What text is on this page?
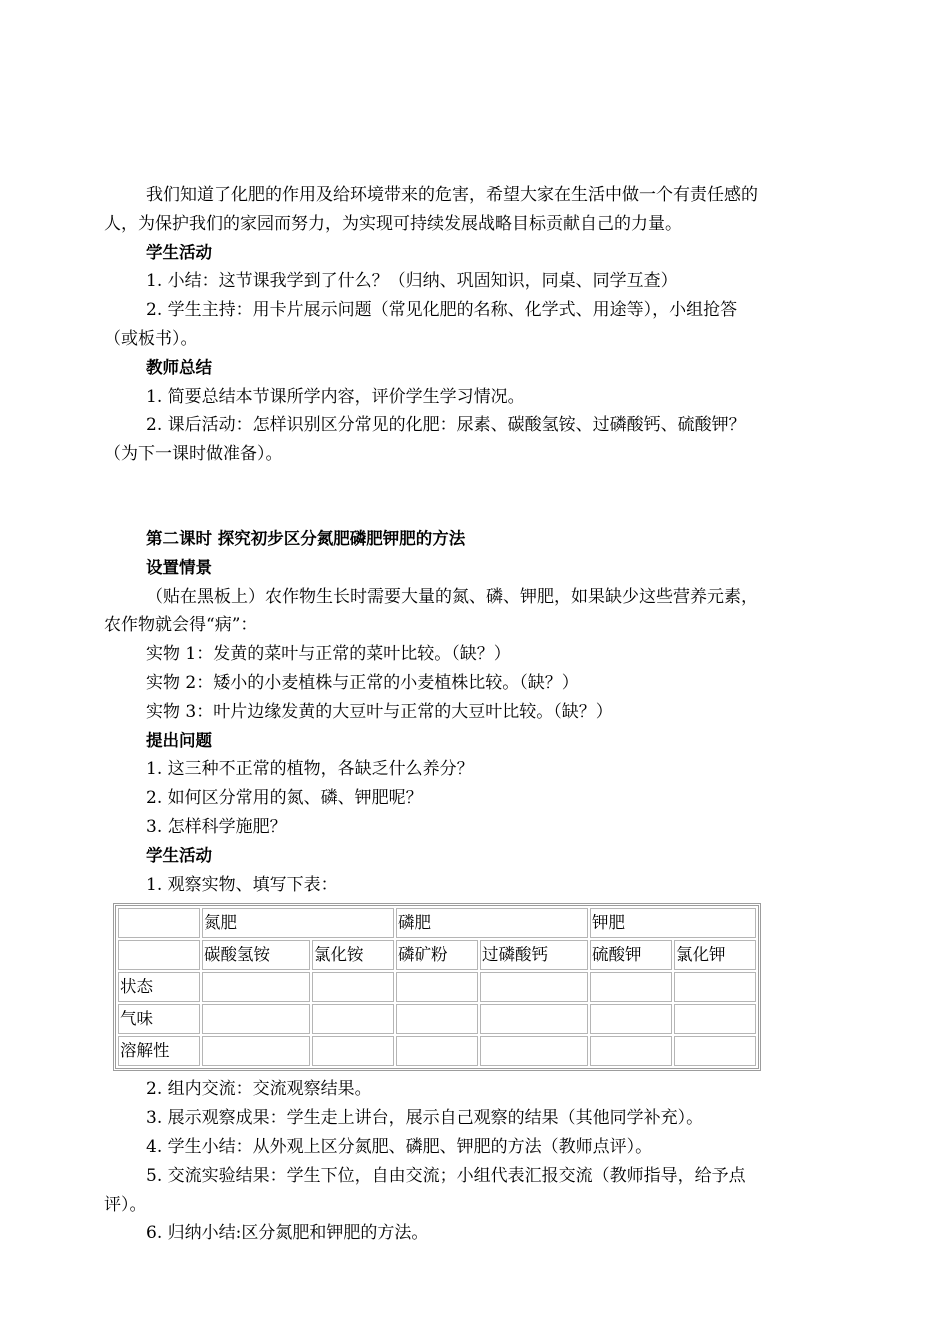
我们知道了化肥的作用及给环境带来的危害，希望大家在生活中做一个有责任感的人，为保护我们的家园而努力，为实现可持续发展战略目标贡献自己的力量。

学生活动

1. 小结：这节课我学到了什么？（归纳、巩固知识，同桌、同学互查）

2. 学生主持：用卡片展示问题（常见化肥的名称、化学式、用途等），小组抢答（或板书）。

教师总结

1. 简要总结本节课所学内容，评价学生学习情况。

2. 课后活动：怎样识别区分常见的化肥：尿素、碳酸氢铵、过磷酸钙、硫酸钾？（为下一课时做准备）。

第二课时 探究初步区分氮肥磷肥钾肥的方法

设置情景

（贴在黑板上）农作物生长时需要大量的氮、磷、钾肥，如果缺少这些营养元素，农作物就会得“病”：

实物 1：发黄的菜叶与正常的菜叶比较。（缺？）

实物 2：矮小的小麦植株与正常的小麦植株比较。（缺？）

实物 3：叶片边缘发黄的大豆叶与正常的大豆叶比较。（缺？）

提出问题

1. 这三种不正常的植物，各缺乏什么养分？

2. 如何区分常用的氮、磷、钾肥呢？

3. 怎样科学施肥？

学生活动

1. 观察实物、填写下表：

	氮肥		磷肥		钾肥	
	碳酸氢铵	氯化铵	磷矿粉	过磷酸钙	硫酸钾	氯化钾
状态						
气味						
溶解性						

2. 组内交流：交流观察结果。

3. 展示观察成果：学生走上讲台，展示自己观察的结果（其他同学补充）。

4. 学生小结：从外观上区分氮肥、磷肥、钾肥的方法（教师点评）。

5. 交流实验结果：学生下位，自由交流；小组代表汇报交流（教师指导，给予点评）。

6. 归纳小结:区分氮肥和钾肥的方法。
